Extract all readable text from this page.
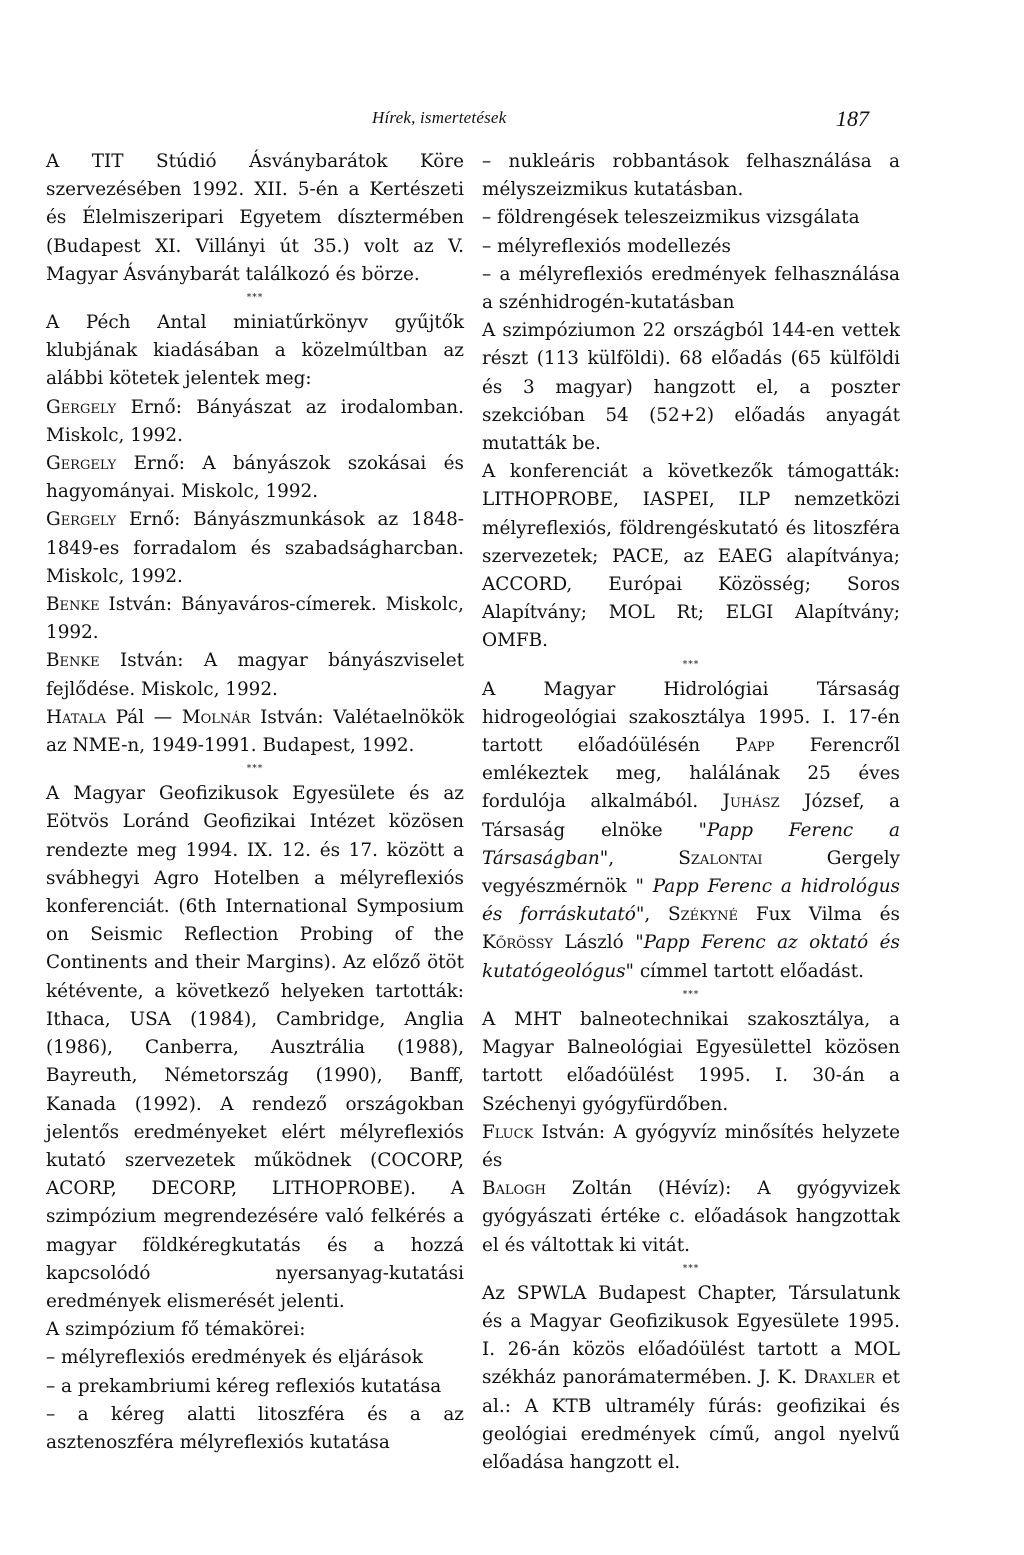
Hírek, ismertetések	187

A TIT Stúdió Ásványbarátok Köre szervezésében 1992. XII. 5-én a Kertészeti és Élelmiszeripari Egyetem dísztermében (Budapest XI. Villányi út 35.) volt az V. Magyar Ásványbarát találkozó és börze.

***

A Péch Antal miniatűrkönyv gyűjtők klubjának kiadásában a közelmúltban az alábbi kötetek jelentek meg:

Gergely Ernő: Bányászat az irodalomban. Miskolc, 1992.

Gergely Ernő: A bányászok szokásai és hagyományai. Miskolc, 1992.

Gergely Ernő: Bányászmunkások az 1848-1849-es forradalom és szabadságharcban. Miskolc, 1992.

Benke István: Bányaváros-címerek. Miskolc, 1992.

Benke István: A magyar bányászviselet fejlődése. Miskolc, 1992.

Hatala Pál — Molnár István: Valétaelnökök az NME-n, 1949-1991. Budapest, 1992.

***

A Magyar Geofizikusok Egyesülete és az Eötvös Loránd Geofizikai Intézet közösen rendezte meg 1994. IX. 12. és 17. között a svábhegyi Agro Hotelben a mélyreflexiós konferenciát. (6th International Symposium on Seismic Reflection Probing of the Continents and their Margins). Az előző ötöt kétévente, a következő helyeken tartották: Ithaca, USA (1984), Cambridge, Anglia (1986), Canberra, Ausztrália (1988), Bayreuth, Németország (1990), Banff, Kanada (1992). A rendező országokban jelentős eredményeket elért mélyreflexiós kutató szervezetek működnek (COCORP, ACORP, DECORP, LITHOPROBE). A szimpózium megrendezésére való felkérés a magyar földkéregkutatás és a hozzá kapcsolódó nyersanyag-kutatási eredmények elismerését jelenti.

A szimpózium fő témakörei:

– mélyreflexiós eredmények és eljárások

– a prekambriumi kéreg reflexiós kutatása

– a kéreg alatti litoszféra és a az asztenoszféra mélyreflexiós kutatása

– nukleáris robbantások felhasználása a mélyszeizmikus kutatásban.

– földrengések teleszeizmikus vizsgálata

– mélyreflexiós modellezés

– a mélyreflexiós eredmények felhasználása a szénhidrogén-kutatásban

A szimpóziumon 22 országból 144-en vettek részt (113 külföldi). 68 előadás (65 külföldi és 3 magyar) hangzott el, a poszter szekcióban 54 (52+2) előadás anyagát mutatták be.

A konferenciát a következők támogatták: LITHOPROBE, IASPEI, ILP nemzetközi mélyreflexiós, földrengéskutató és litoszféra szervezetek; PACE, az EAEG alapítványa; ACCORD, Európai Közösség; Soros Alapítvány; MOL Rt; ELGI Alapítvány; OMFB.

***

A Magyar Hidrológiai Társaság hidrogeológiai szakosztálya 1995. I. 17-én tartott előadóülésén Papp Ferencről emlékeztek meg, halálának 25 éves fordulója alkalmából. Juhász József, a Társaság elnöke "Papp Ferenc a Társaságban", Szalontai Gergely vegyészmérnök " Papp Ferenc a hidrológus és forráskutató", Székyné Fux Vilma és Kőrössy László "Papp Ferenc az oktató és kutatógeológus" címmel tartott előadást.

***

A MHT balneotechnikai szakosztálya, a Magyar Balneológiai Egyesülettel közösen tartott előadóülést 1995. I. 30-án a Széchenyi gyógyfürdőben.

Fluck István: A gyógyvíz minősítés helyzete és

Balogh Zoltán (Hévíz): A gyógyvizek gyógyászati értéke c. előadások hangzottak el és váltottak ki vitát.

***

Az SPWLA Budapest Chapter, Társulatunk és a Magyar Geofizikusok Egyesülete 1995. I. 26-án közös előadóülést tartott a MOL székház panorámatermében. J. K. Draxler et al.: A KTB ultramély fúrás: geofizikai és geológiai eredmények című, angol nyelvű előadása hangzott el.
